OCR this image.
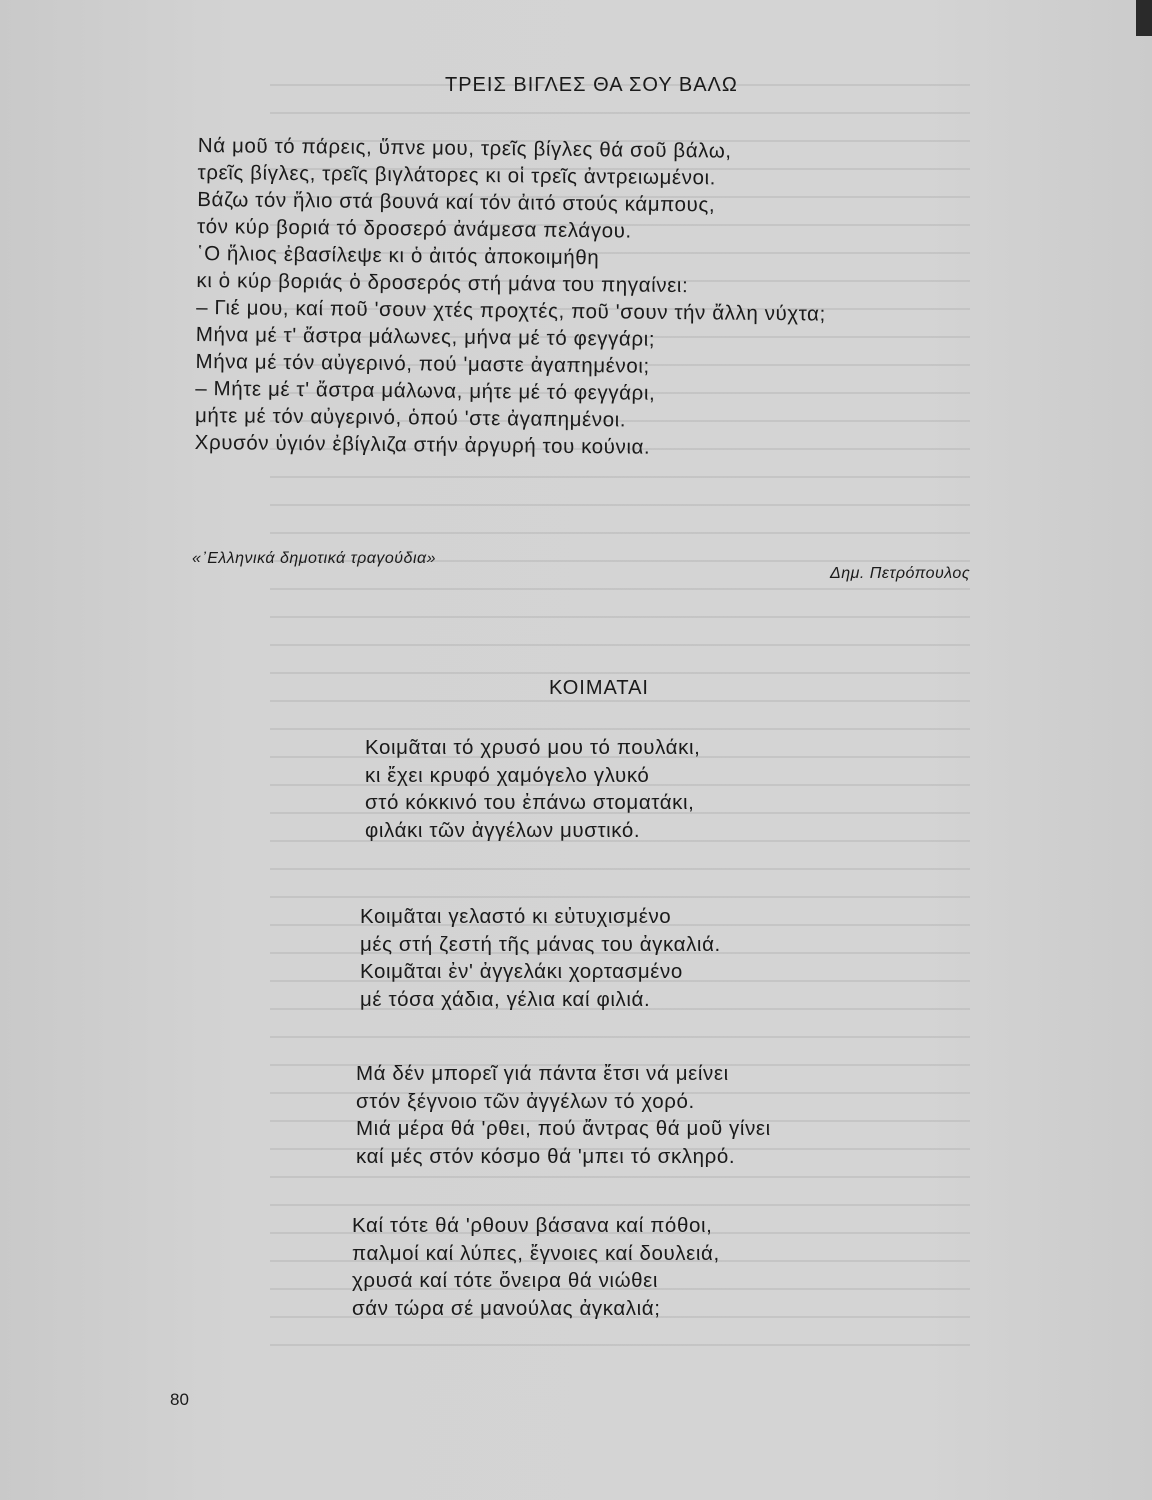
ΤΡΕΙΣ ΒΙΓΛΕΣ ΘΑ ΣΟΥ ΒΑΛΩ
Νά μοῦ τό πάρεις, ὕπνε μου, τρεῖς βίγλες θά σοῦ βάλω,
τρεῖς βίγλες, τρεῖς βιγλάτορες κι οἱ τρεῖς ἀντρειωμένοι.
Βάζω τόν ἥλιο στά βουνά καί τόν ἀιτό στούς κάμπους,
τόν κύρ βοριά τό δροσερό ἀνάμεσα πελάγου.
῾Ο ἥλιος ἐβασίλεψε κι ὁ ἀιτός ἀποκοιμήθη
κι ὁ κύρ βοριάς ὁ δροσερός στή μάνα του πηγαίνει:
– Γιέ μου, καί ποῦ 'σουν χτές προχτές, ποῦ 'σουν τήν ἄλλη νύχτα;
Μήνα μέ τ' ἄστρα μάλωνες, μήνα μέ τό φεγγάρι;
Μήνα μέ τόν αὐγερινό, πού 'μαστε ἀγαπημένοι;
– Μήτε μέ τ' ἄστρα μάλωνα, μήτε μέ τό φεγγάρι,
μήτε μέ τόν αὐγερινό, ὁπού 'στε ἀγαπημένοι.
Χρυσόν ὑγιόν ἐβίγλιζα στήν ἀργυρή του κούνια.
«᾿Ελληνικά δημοτικά τραγούδια»
Δημ. Πετρόπουλος
ΚΟΙΜΑΤΑΙ
Κοιμᾶται τό χρυσό μου τό πουλάκι,
κι ἔχει κρυφό χαμόγελο γλυκό
στό κόκκινό του ἐπάνω στοματάκι,
φιλάκι τῶν ἀγγέλων μυστικό.
Κοιμᾶται γελαστό κι εὐτυχισμένο
μές στή ζεστή τῆς μάνας του ἀγκαλιά.
Κοιμᾶται ἐν' ἀγγελάκι χορτασμένο
μέ τόσα χάδια, γέλια καί φιλιά.
Μά δέν μπορεῖ γιά πάντα ἔτσι νά μείνει
στόν ξέγνοιο τῶν ἀγγέλων τό χορό.
Μιά μέρα θά 'ρθει, πού ἄντρας θά μοῦ γίνει
καί μές στόν κόσμο θά 'μπει τό σκληρό.
Καί τότε θά 'ρθουν βάσανα καί πόθοι,
παλμοί καί λύπες, ἔγνοιες καί δουλειά,
χρυσά καί τότε ὄνειρα θά νιώθει
σάν τώρα σέ μανούλας ἀγκαλιά;
80
